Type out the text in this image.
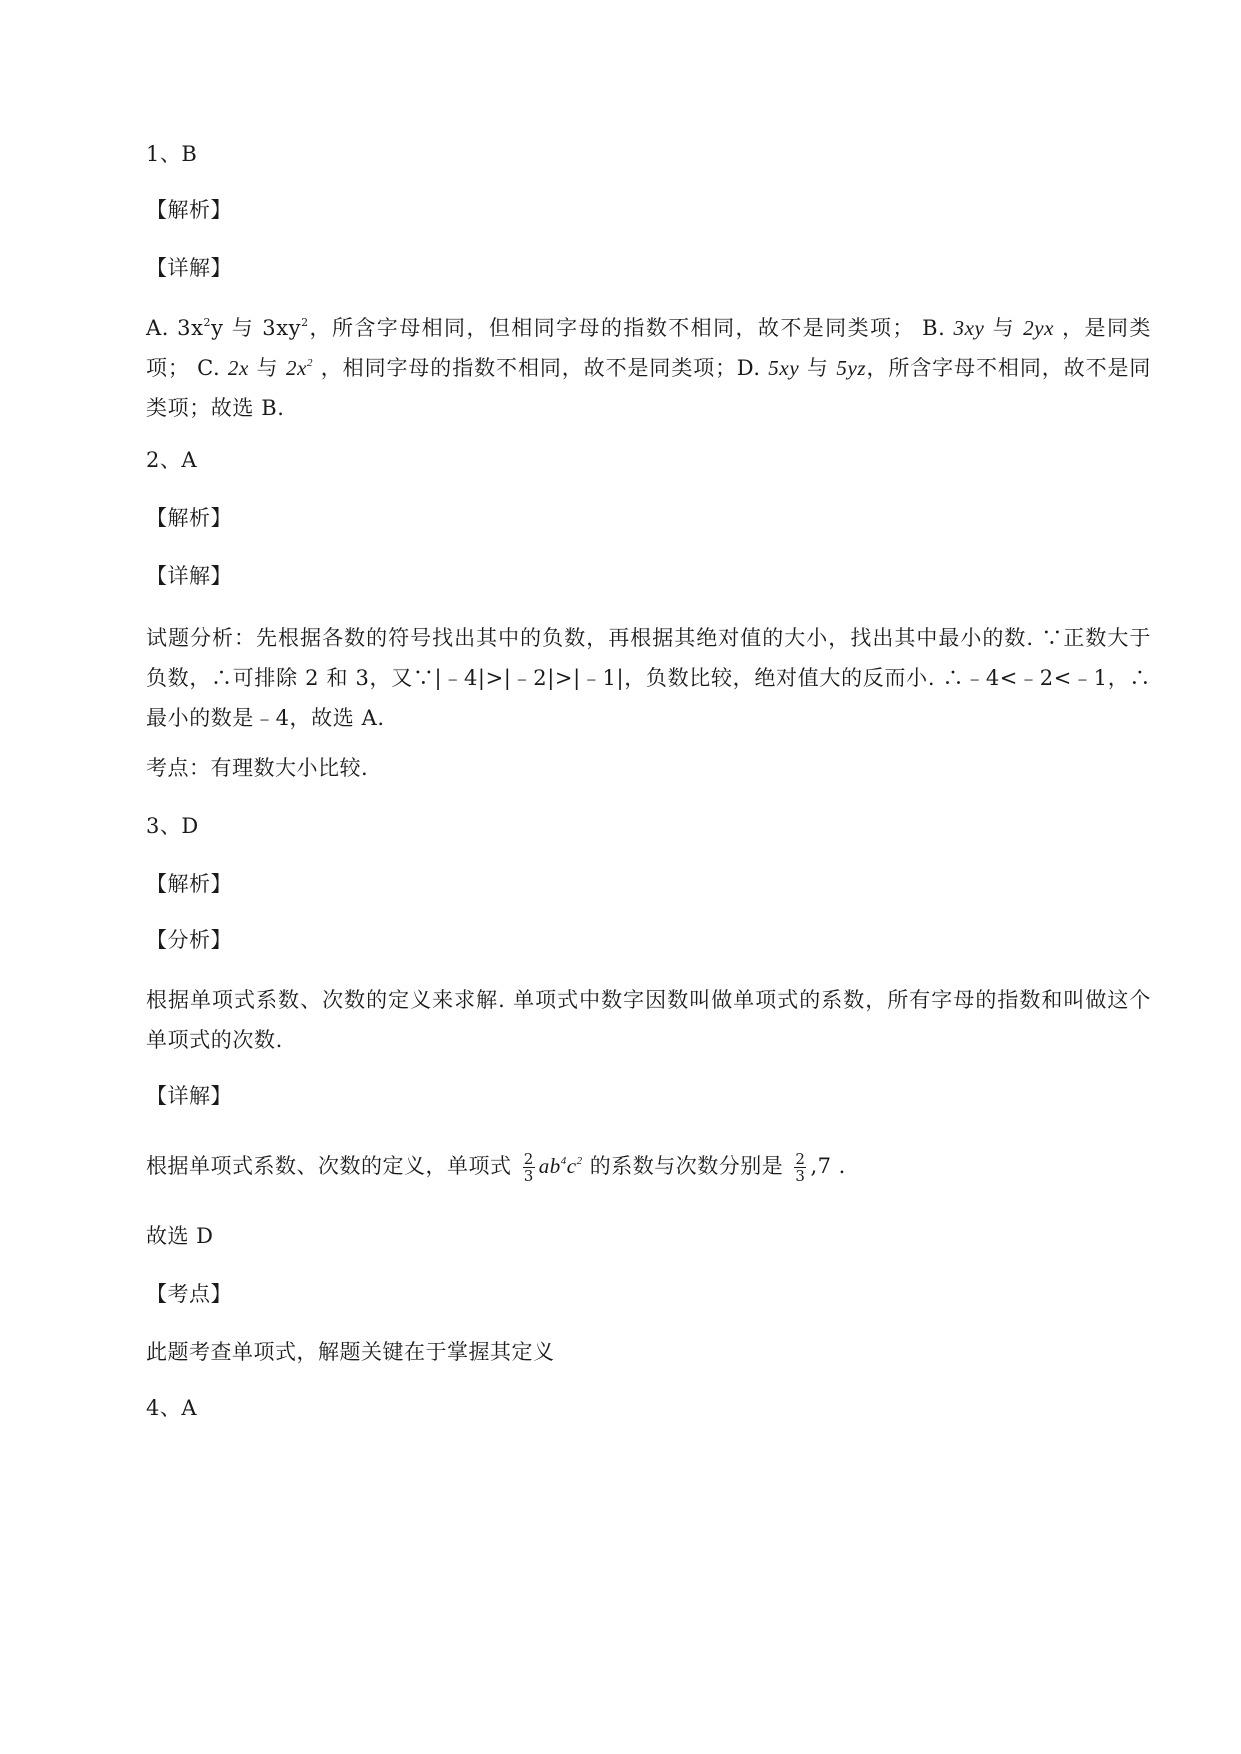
1、B
【解析】
【详解】
A. $3x^2y$ 与 $3xy^2$，所含字母相同，但相同字母的指数不相同，故不是同类项； B. 3xy 与 2yx ，是同类项； C. 2x 与 $2x^2$ ，相同字母的指数不相同，故不是同类项；D. 5xy 与 5yz，所含字母不相同，故不是同类项；故选 B.
2、A
【解析】
【详解】
试题分析：先根据各数的符号找出其中的负数，再根据其绝对值的大小，找出其中最小的数. ∵正数大于负数，∴可排除 2 和 3，又∵|﹣4|>|﹣2|>|﹣1|，负数比较，绝对值大的反而小. ∴﹣4<﹣2<﹣1，∴最小的数是﹣4，故选 A.
考点：有理数大小比较.
3、D
【解析】
【分析】
根据单项式系数、次数的定义来求解. 单项式中数字因数叫做单项式的系数，所有字母的指数和叫做这个单项式的次数.
【详解】
根据单项式系数、次数的定义，单项式 $\frac{2}{3} ab^4c^2$ 的系数与次数分别是 $\frac{2}{3} ,7$ .
故选 D
【考点】
此题考查单项式，解题关键在于掌握其定义
4、A
